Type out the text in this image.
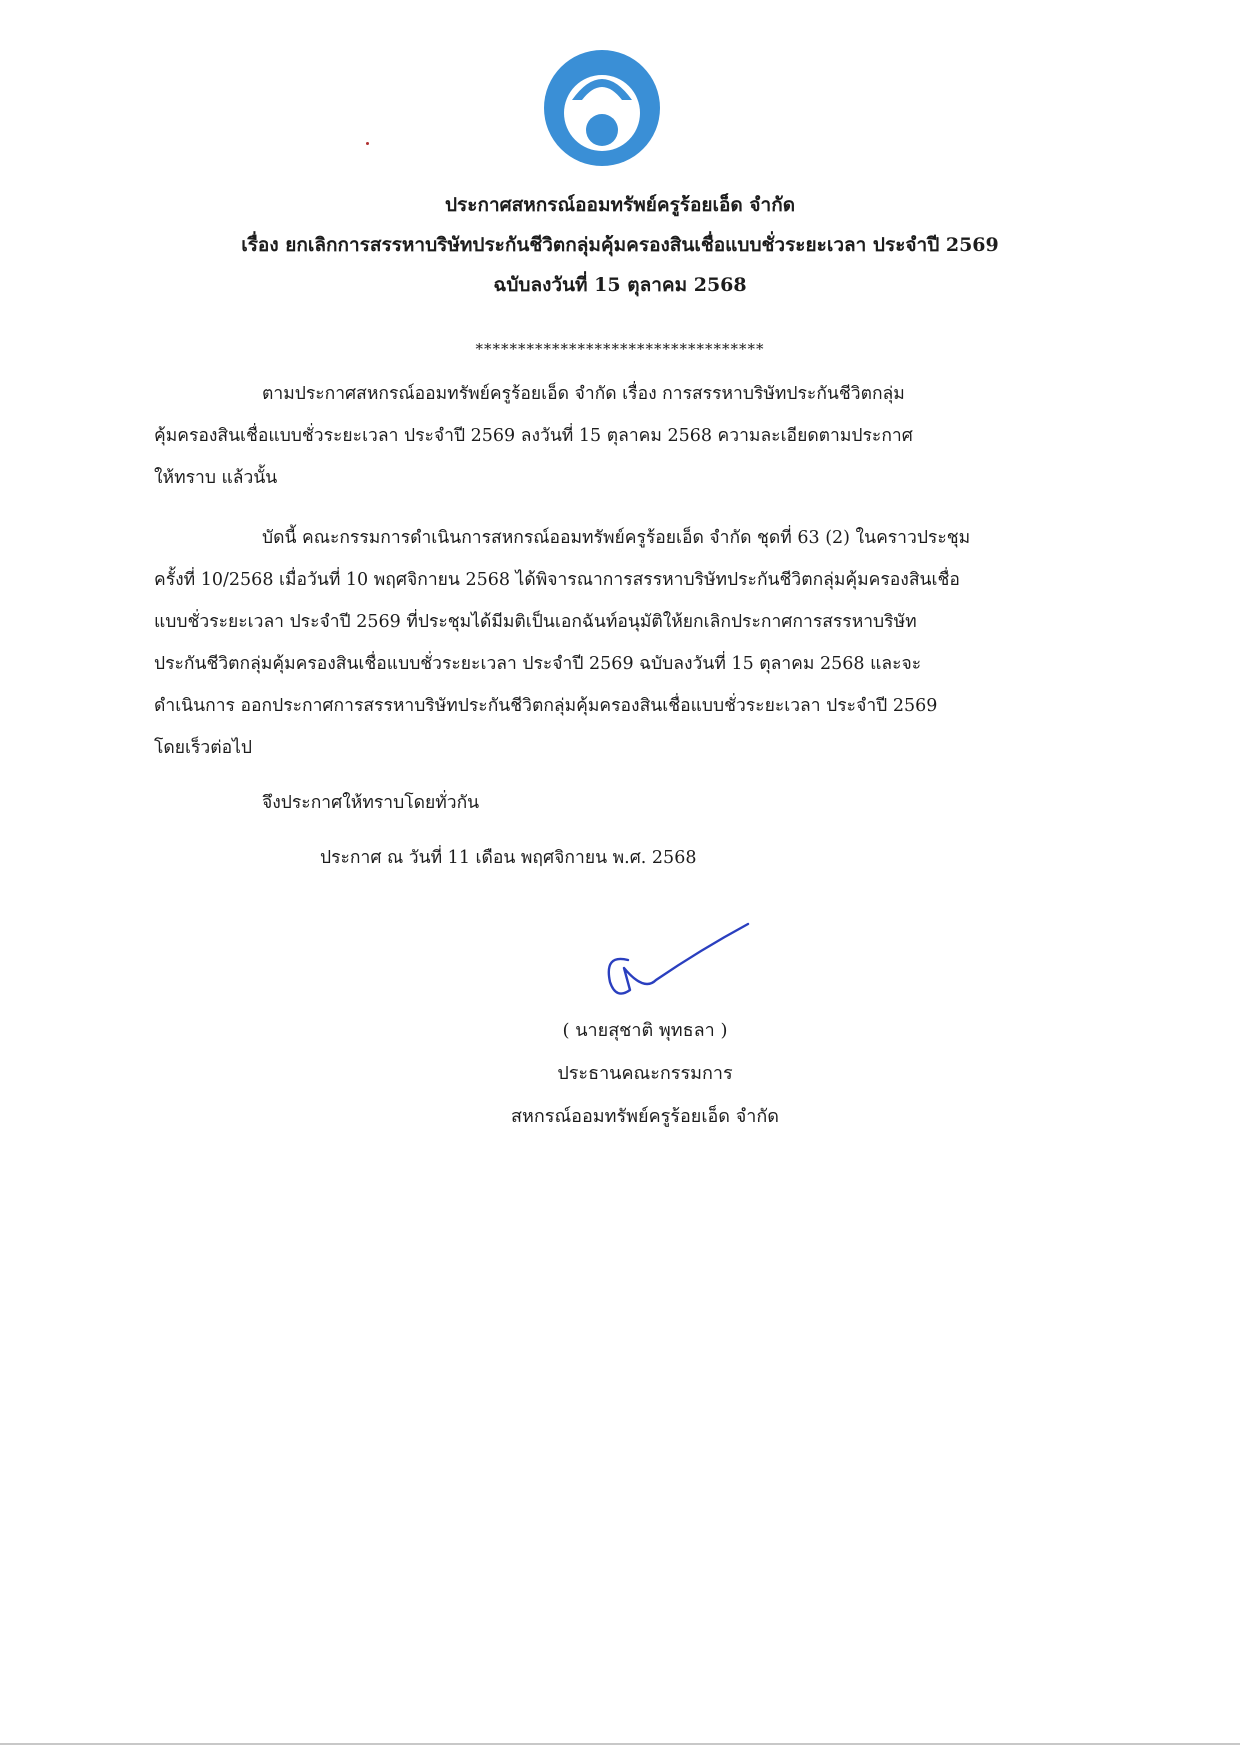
ประกาศสหกรณ์ออมทรัพย์ครูร้อยเอ็ด จำกัด
เรื่อง ยกเลิกการสรรหาบริษัทประกันชีวิตกลุ่มคุ้มครองสินเชื่อแบบชั่วระยะเวลา ประจำปี 2569
ฉบับลงวันที่ 15 ตุลาคม 2568
**********************************
ตามประกาศสหกรณ์ออมทรัพย์ครูร้อยเอ็ด จำกัด เรื่อง การสรรหาบริษัทประกันชีวิตกลุ่ม
คุ้มครองสินเชื่อแบบชั่วระยะเวลา ประจำปี 2569 ลงวันที่ 15 ตุลาคม 2568 ความละเอียดตามประกาศ
ให้ทราบ แล้วนั้น
บัดนี้ คณะกรรมการดำเนินการสหกรณ์ออมทรัพย์ครูร้อยเอ็ด จำกัด ชุดที่ 63 (2) ในคราวประชุม
ครั้งที่ 10/2568 เมื่อวันที่ 10 พฤศจิกายน 2568 ได้พิจารณาการสรรหาบริษัทประกันชีวิตกลุ่มคุ้มครองสินเชื่อ
แบบชั่วระยะเวลา ประจำปี 2569 ที่ประชุมได้มีมติเป็นเอกฉันท์อนุมัติให้ยกเลิกประกาศการสรรหาบริษัท
ประกันชีวิตกลุ่มคุ้มครองสินเชื่อแบบชั่วระยะเวลา ประจำปี 2569 ฉบับลงวันที่ 15 ตุลาคม 2568 และจะ
ดำเนินการ ออกประกาศการสรรหาบริษัทประกันชีวิตกลุ่มคุ้มครองสินเชื่อแบบชั่วระยะเวลา ประจำปี 2569
โดยเร็วต่อไป
จึงประกาศให้ทราบโดยทั่วกัน
ประกาศ ณ วันที่ 11 เดือน พฤศจิกายน พ.ศ. 2568
( นายสุชาติ พุทธลา )
ประธานคณะกรรมการ
สหกรณ์ออมทรัพย์ครูร้อยเอ็ด จำกัด
